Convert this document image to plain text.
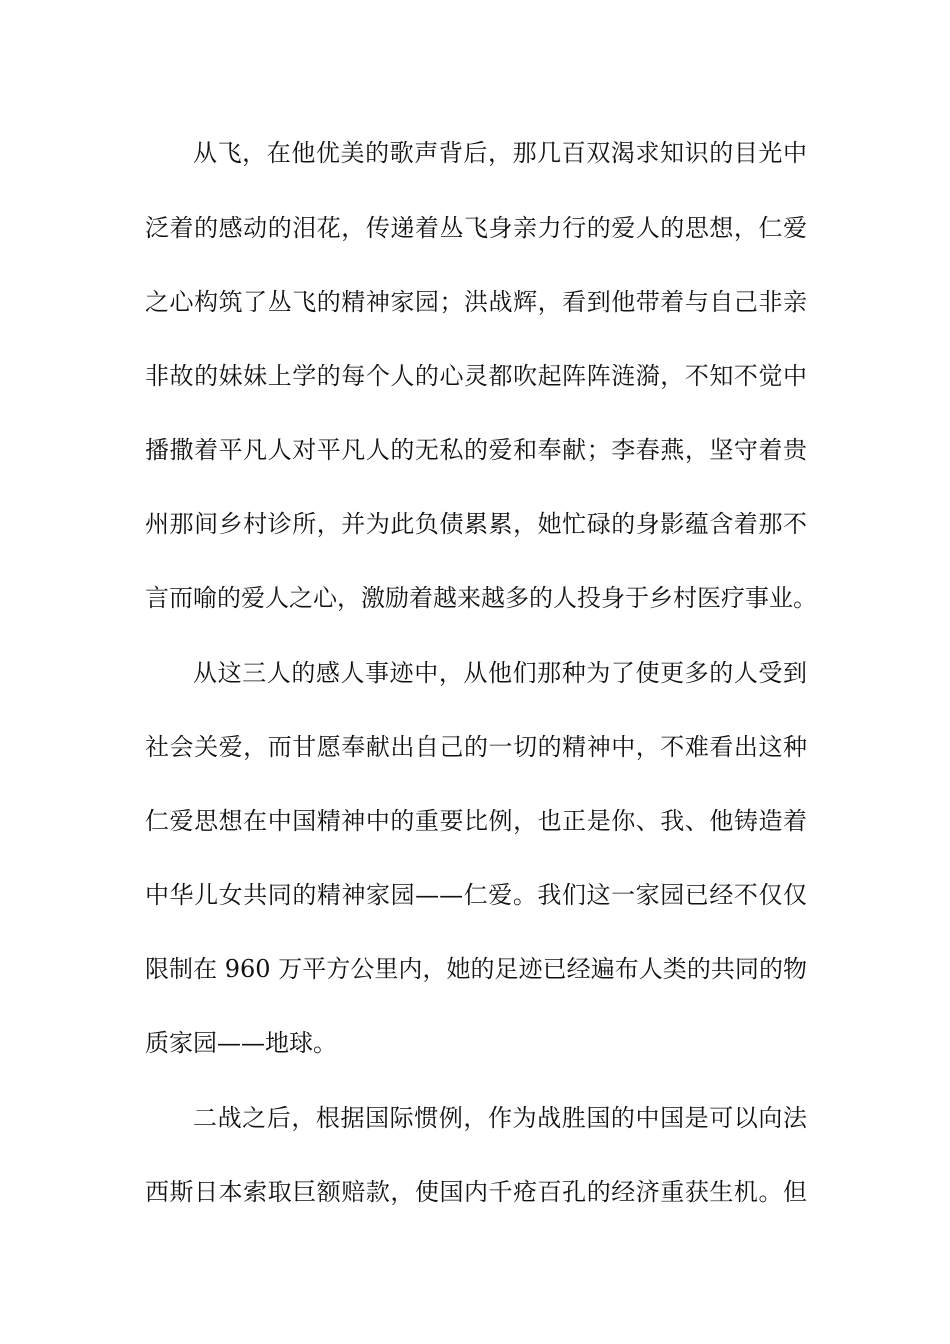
从飞，在他优美的歌声背后，那几百双渴求知识的目光中
泛着的感动的泪花，传递着丛飞身亲力行的爱人的思想，仁爱
之心构筑了丛飞的精神家园；洪战辉，看到他带着与自己非亲
非故的妹妹上学的每个人的心灵都吹起阵阵涟漪，不知不觉中
播撒着平凡人对平凡人的无私的爱和奉献；李春燕，坚守着贵
州那间乡村诊所，并为此负债累累，她忙碌的身影蕴含着那不
言而喻的爱人之心，激励着越来越多的人投身于乡村医疗事业。
从这三人的感人事迹中，从他们那种为了使更多的人受到
社会关爱，而甘愿奉献出自己的一切的精神中，不难看出这种
仁爱思想在中国精神中的重要比例，也正是你、我、他铸造着
中华儿女共同的精神家园——仁爱。我们这一家园已经不仅仅
限制在 960 万平方公里内，她的足迹已经遍布人类的共同的物
质家园——地球。
二战之后，根据国际惯例，作为战胜国的中国是可以向法
西斯日本索取巨额赔款，使国内千疮百孔的经济重获生机。但
